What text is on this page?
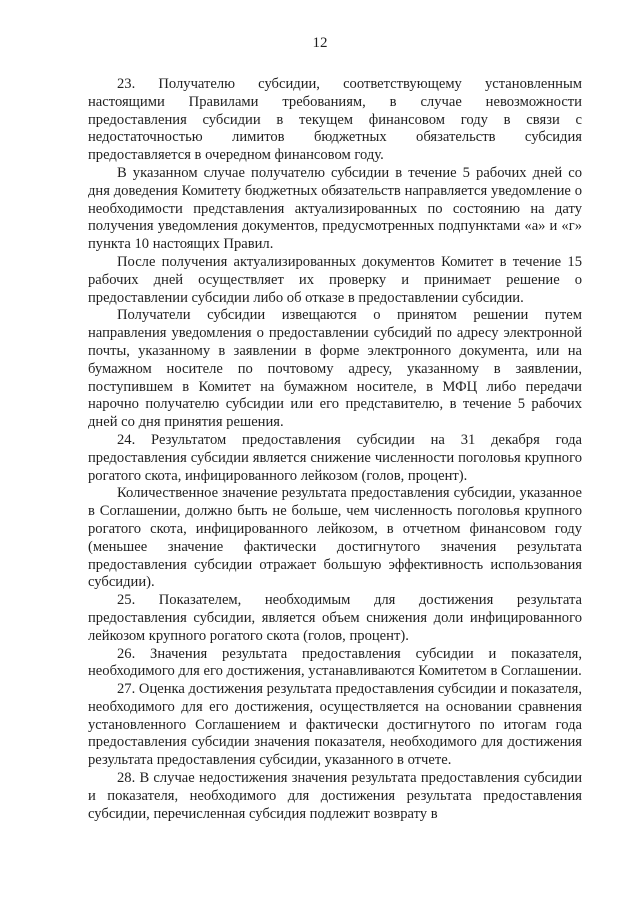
12

23. Получателю субсидии, соответствующему установленным настоящими Правилами требованиям, в случае невозможности предоставления субсидии в текущем финансовом году в связи с недостаточностью лимитов бюджетных обязательств субсидия предоставляется в очередном финансовом году.

В указанном случае получателю субсидии в течение 5 рабочих дней со дня доведения Комитету бюджетных обязательств направляется уведомление о необходимости представления актуализированных по состоянию на дату получения уведомления документов, предусмотренных подпунктами «а» и «г» пункта 10 настоящих Правил.

После получения актуализированных документов Комитет в течение 15 рабочих дней осуществляет их проверку и принимает решение о предоставлении субсидии либо об отказе в предоставлении субсидии.

Получатели субсидии извещаются о принятом решении путем направления уведомления о предоставлении субсидий по адресу электронной почты, указанному в заявлении в форме электронного документа, или на бумажном носителе по почтовому адресу, указанному в заявлении, поступившем в Комитет на бумажном носителе, в МФЦ либо передачи нарочно получателю субсидии или его представителю, в течение 5 рабочих дней со дня принятия решения.

24. Результатом предоставления субсидии на 31 декабря года предоставления субсидии является снижение численности поголовья крупного рогатого скота, инфицированного лейкозом (голов, процент).

Количественное значение результата предоставления субсидии, указанное в Соглашении, должно быть не больше, чем численность поголовья крупного рогатого скота, инфицированного лейкозом, в отчетном финансовом году (меньшее значение фактически достигнутого значения результата предоставления субсидии отражает большую эффективность использования субсидии).

25. Показателем, необходимым для достижения результата предоставления субсидии, является объем снижения доли инфицированного лейкозом крупного рогатого скота (голов, процент).

26. Значения результата предоставления субсидии и показателя, необходимого для его достижения, устанавливаются Комитетом в Соглашении.

27. Оценка достижения результата предоставления субсидии и показателя, необходимого для его достижения, осуществляется на основании сравнения установленного Соглашением и фактически достигнутого по итогам года предоставления субсидии значения показателя, необходимого для достижения результата предоставления субсидии, указанного в отчете.

28. В случае недостижения значения результата предоставления субсидии и показателя, необходимого для достижения результата предоставления субсидии, перечисленная субсидия подлежит возврату в
